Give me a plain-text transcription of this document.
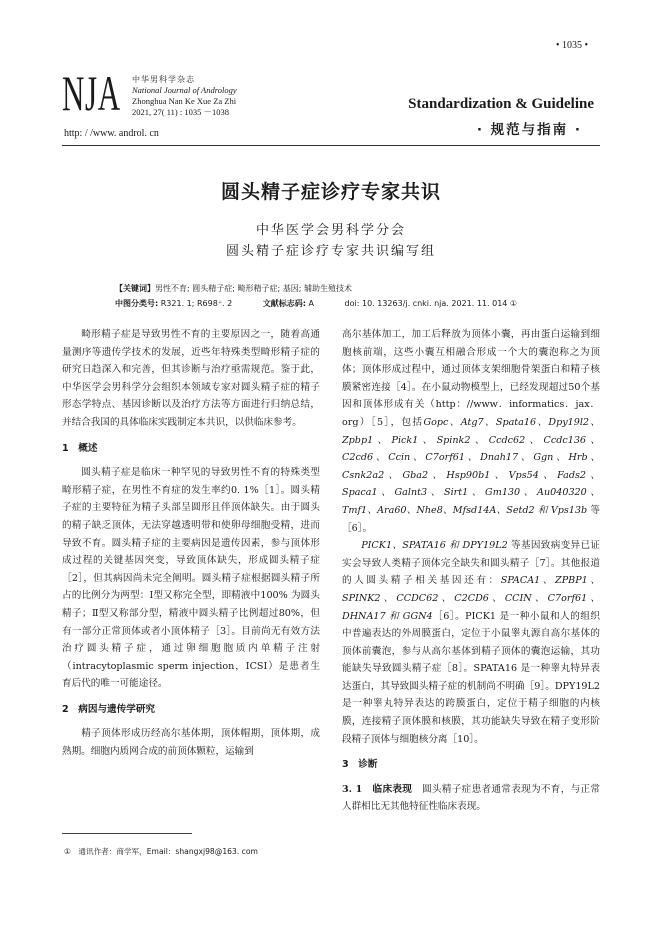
• 1035 •
NJA 中华男科学杂志
National Journal of Andrology
Zhonghua Nan Ke Xue Za Zhi
2021, 27( 11) : 1035 －1038
http: / /www. androl. cn
Standardization & Guideline
· 规范与指南 ·
圆头精子症诊疗专家共识
中华医学会男科学分会
圆头精子症诊疗专家共识编写组
【关键词】男性不育; 圆头精子症; 畸形精子症; 基因; 辅助生殖技术
中图分类号: R321. 1; R698⁺. 2	文献标志码: A	doi: 10. 13263/j. cnki. nja. 2021. 11. 014 ①

畸形精子症是导致男性不育的主要原因之一，随着高通量测序等遗传学技术的发展，近些年特殊类型畸形精子症的研究日趋深入和完善，但其诊断与治疗亟需规范。鉴于此，中华医学会男科学分会组织本领域专家对圆头精子症的精子形态学特点、基因诊断以及治疗方法等方面进行归纳总结，并结合我国的具体临床实践制定本共识，以供临床参考。

1　概述

圆头精子症是临床一种罕见的导致男性不育的特殊类型畸形精子症，在男性不育症的发生率约0. 1%［1］。圆头精子症的主要特征为精子头部呈圆形且伴顶体缺失。由于圆头的精子缺乏顶体，无法穿越透明带和使卵母细胞受精，进而导致不育。圆头精子症的主要病因是遗传因素，参与顶体形成过程的关键基因突变，导致顶体缺失，形成圆头精子症［2］，但其病因尚未完全阐明。圆头精子症根据圆头精子所占的比例分为两型：Ⅰ型又称完全型，即精液中100% 为圆头精子；Ⅱ型又称部分型，精液中圆头精子比例超过80%，但有一部分正常顶体或者小顶体精子［3］。目前尚无有效方法治疗圆头精子症，通过卵细胞胞质内单精子注射（intracytoplasmic sperm injection，ICSI）是患者生育后代的唯一可能途径。

2　病因与遗传学研究

精子顶体形成历经高尔基体期，顶体帽期，顶体期，成熟期。细胞内质网合成的前顶体颗粒，运输到

高尔基体加工，加工后释放为顶体小囊，再由蛋白运输到细胞核前端，这些小囊互相融合形成一个大的囊泡称之为顶体；顶体形成过程中，通过顶体支架细胞骨架蛋白和精子核膜紧密连接［4］。在小鼠动物模型上，已经发现超过50个基因和顶体形成有关（http：//www．informatics．jax．org）［5］，包括Gopc、Atg7、Spata16、Dpy19l2、Zpbp1、Pick1、Spink2、Ccdc62、Ccdc136、C2cd6、Ccin、C7orf61、Dnah17、Ggn、Hrb、Csnk2a2、Gba2、Hsp90b1、Vps54、Fads2、Spaca1、Galnt3、Sirt1、Gm130、Au040320、Tmf1、Ara60、Nhe8、Mfsd14A、Setd2 和 Vps13b 等［6］。

PICK1、SPATA16 和 DPY19L2 等基因致病变异已证实会导致人类精子顶体完全缺失和圆头精子［7］。其他报道的人圆头精子相关基因还有：SPACA1、ZPBP1、SPINK2、CCDC62、C2CD6、CCIN、C7orf61、DHNA17 和 GGN4［6］。PICK1 是一种小鼠和人的组织中普遍表达的外周膜蛋白，定位于小鼠睾丸源自高尔基体的顶体前囊泡，参与从高尔基体到精子顶体的囊泡运输，其功能缺失导致圆头精子症［8］。SPATA16 是一种睾丸特异表达蛋白，其导致圆头精子症的机制尚不明确［9］。DPY19L2 是一种睾丸特异表达的跨膜蛋白，定位于精子细胞的内核膜，连接精子顶体膜和核膜，其功能缺失导致在精子变形阶段精子顶体与细胞核分离［10］。

3　诊断

3. 1　临床表现　圆头精子症患者通常表现为不育，与正常人群相比无其他特征性临床表现。

①　通讯作者：商学军，Email：shangxj98@163. com
